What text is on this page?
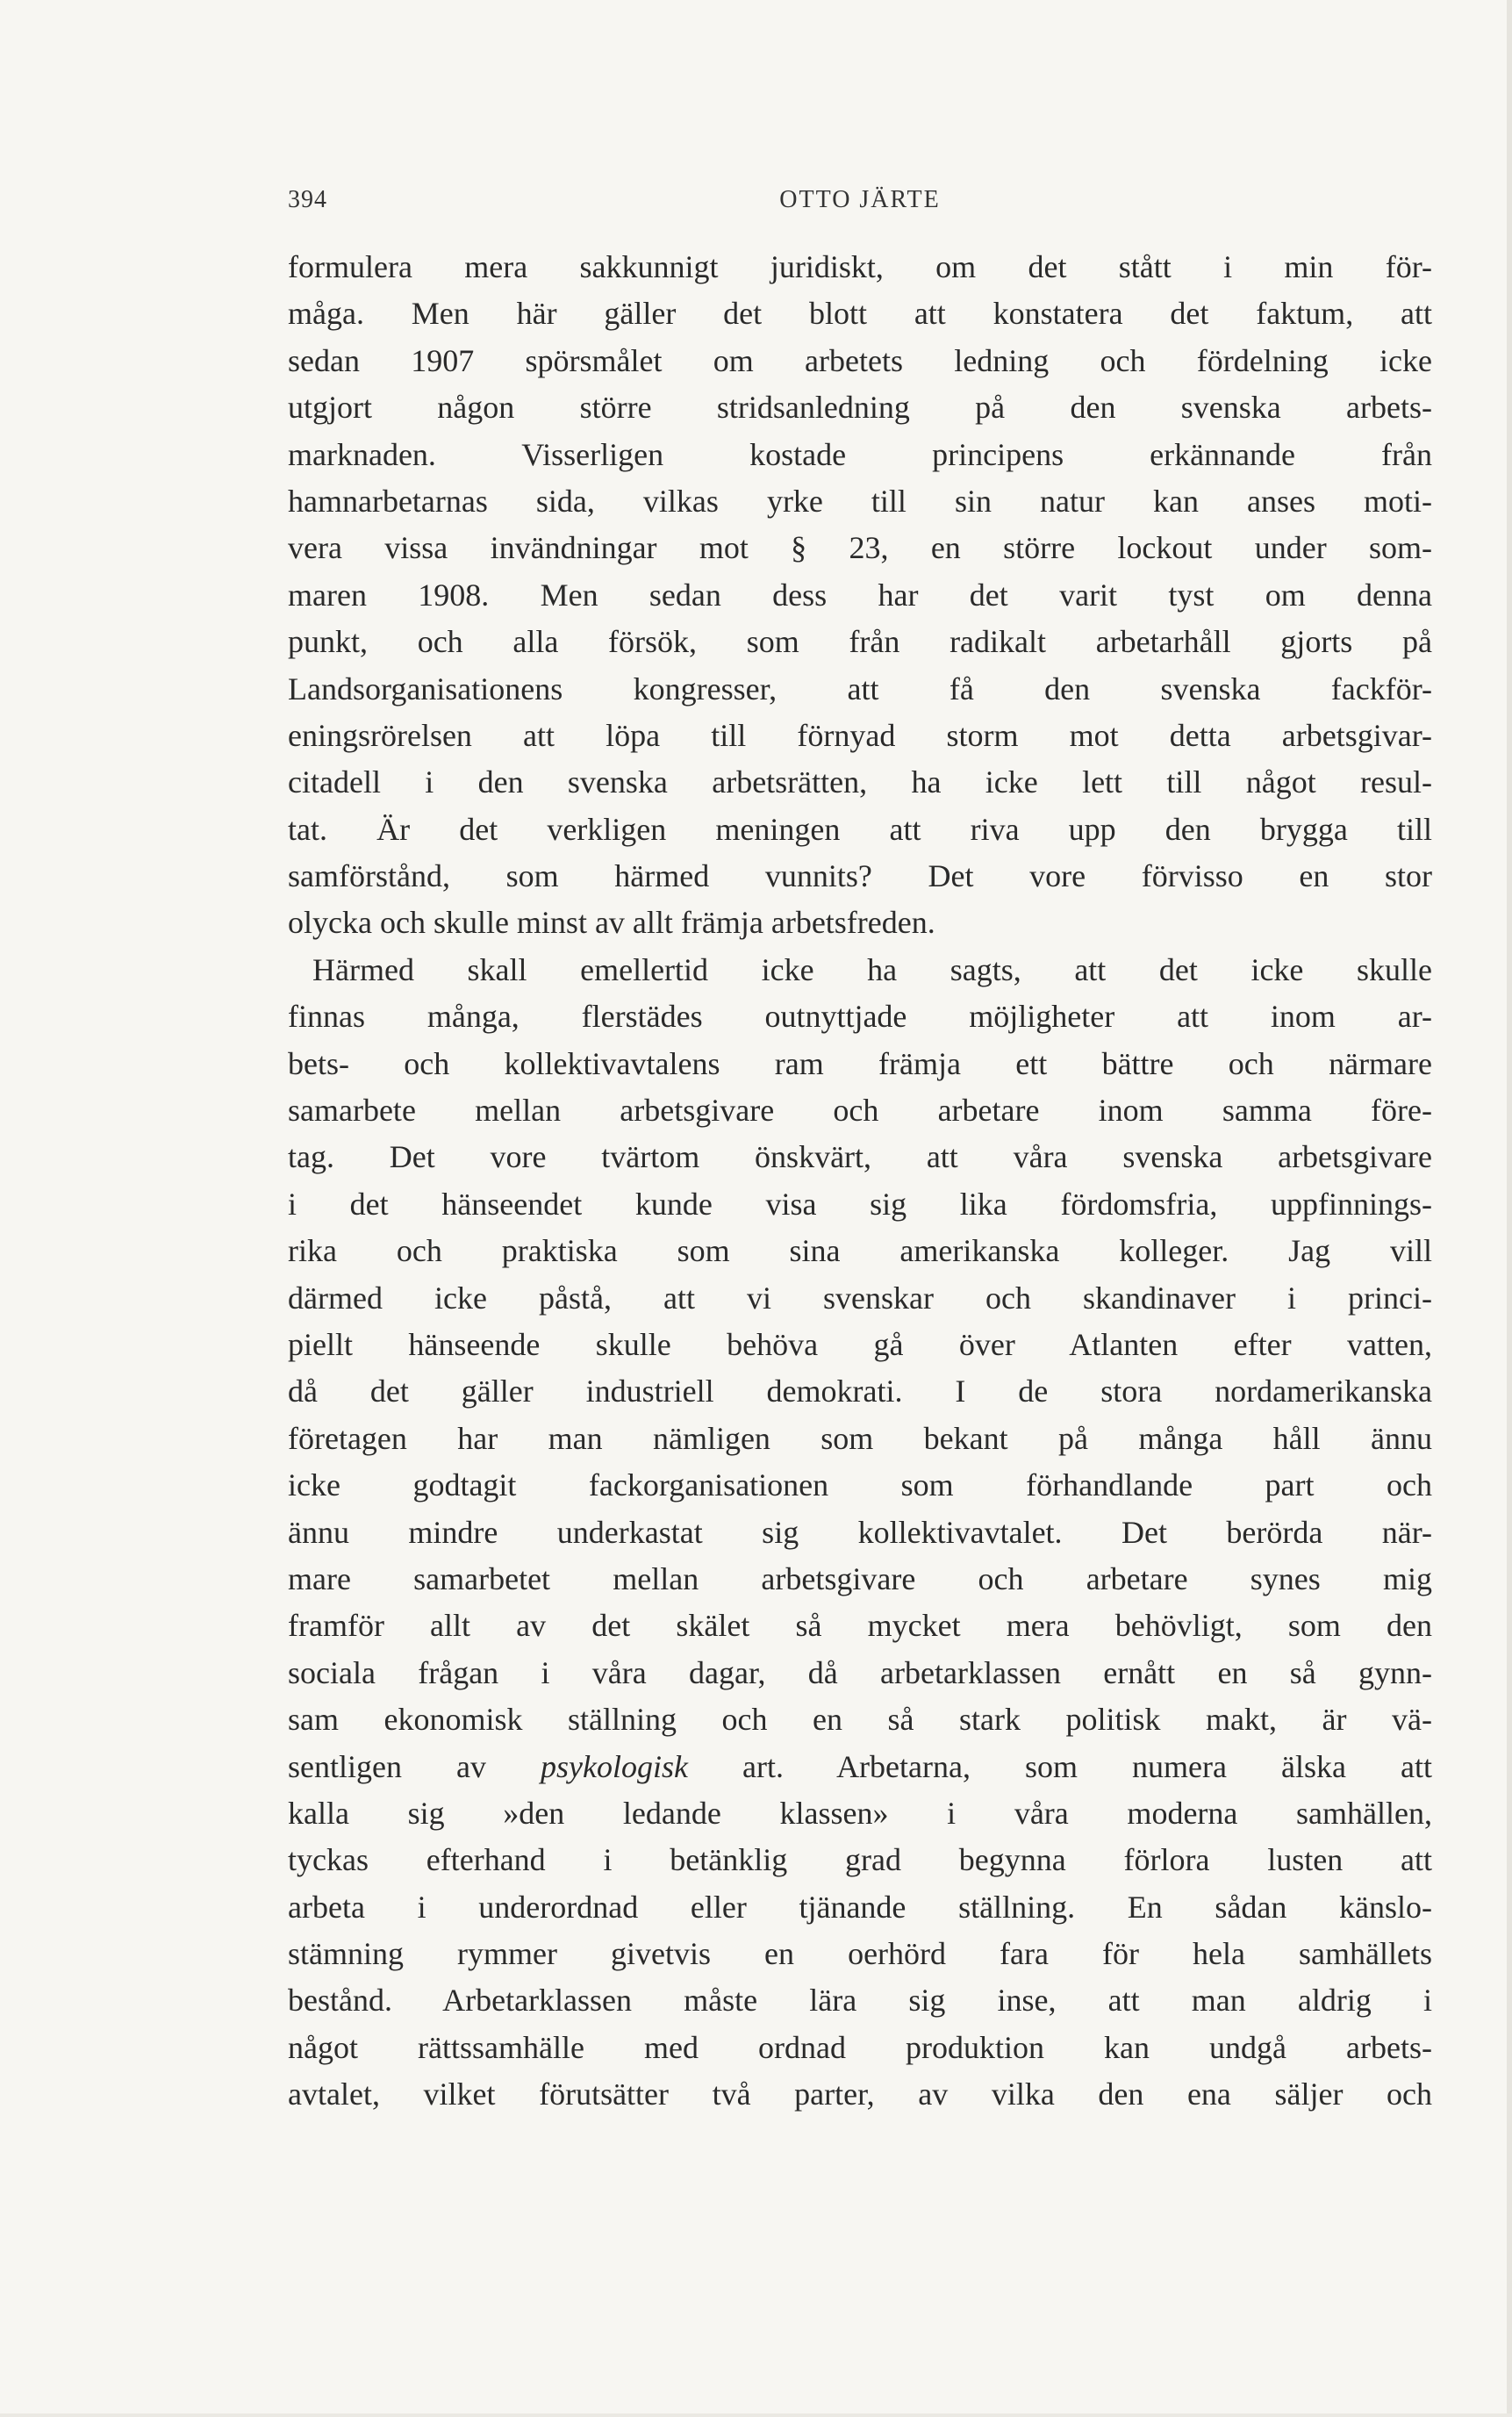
394	OTTO JÄRTE
formulera mera sakkunnigt juridiskt, om det stått i min för-
måga. Men här gäller det blott att konstatera det faktum, att
sedan 1907 spörsmålet om arbetets ledning och fördelning icke
utgjort någon större stridsanledning på den svenska arbets-
marknaden. Visserligen kostade principens erkännande från
hamnarbetarnas sida, vilkas yrke till sin natur kan anses moti-
vera vissa invändningar mot § 23, en större lockout under som-
maren 1908. Men sedan dess har det varit tyst om denna
punkt, och alla försök, som från radikalt arbetarhåll gjorts på
Landsorganisationens kongresser, att få den svenska fackför-
eningsrörelsen att löpa till förnyad storm mot detta arbetsgivar-
citadell i den svenska arbetsrätten, ha icke lett till något resul-
tat. Är det verkligen meningen att riva upp den brygga till
samförstånd, som härmed vunnits? Det vore förvisso en stor
olycka och skulle minst av allt främja arbetsfreden.
Härmed skall emellertid icke ha sagts, att det icke skulle
finnas många, flerstädes outnyttjade möjligheter att inom ar-
bets- och kollektivavtalens ram främja ett bättre och närmare
samarbete mellan arbetsgivare och arbetare inom samma före-
tag. Det vore tvärtom önskvärt, att våra svenska arbetsgivare
i det hänseendet kunde visa sig lika fördomsfria, uppfinnings-
rika och praktiska som sina amerikanska kolleger. Jag vill
därmed icke påstå, att vi svenskar och skandinaver i princi-
piellt hänseende skulle behöva gå över Atlanten efter vatten,
då det gäller industriell demokrati. I de stora nordamerikanska
företagen har man nämligen som bekant på många håll ännu
icke godtagit fackorganisationen som förhandlande part och
ännu mindre underkastat sig kollektivavtalet. Det berörda när-
mare samarbetet mellan arbetsgivare och arbetare synes mig
framför allt av det skälet så mycket mera behövligt, som den
sociala frågan i våra dagar, då arbetarklassen ernått en så gynn-
sam ekonomisk ställning och en så stark politisk makt, är vä-
sentligen av psykologisk art. Arbetarna, som numera älska att
kalla sig »den ledande klassen» i våra moderna samhällen,
tyckas efterhand i betänklig grad begynna förlora lusten att
arbeta i underordnad eller tjänande ställning. En sådan känslo-
stämning rymmer givetvis en oerhörd fara för hela samhällets
bestånd. Arbetarklassen måste lära sig inse, att man aldrig i
något rättssamhälle med ordnad produktion kan undgå arbets-
avtalet, vilket förutsätter två parter, av vilka den ena säljer och
